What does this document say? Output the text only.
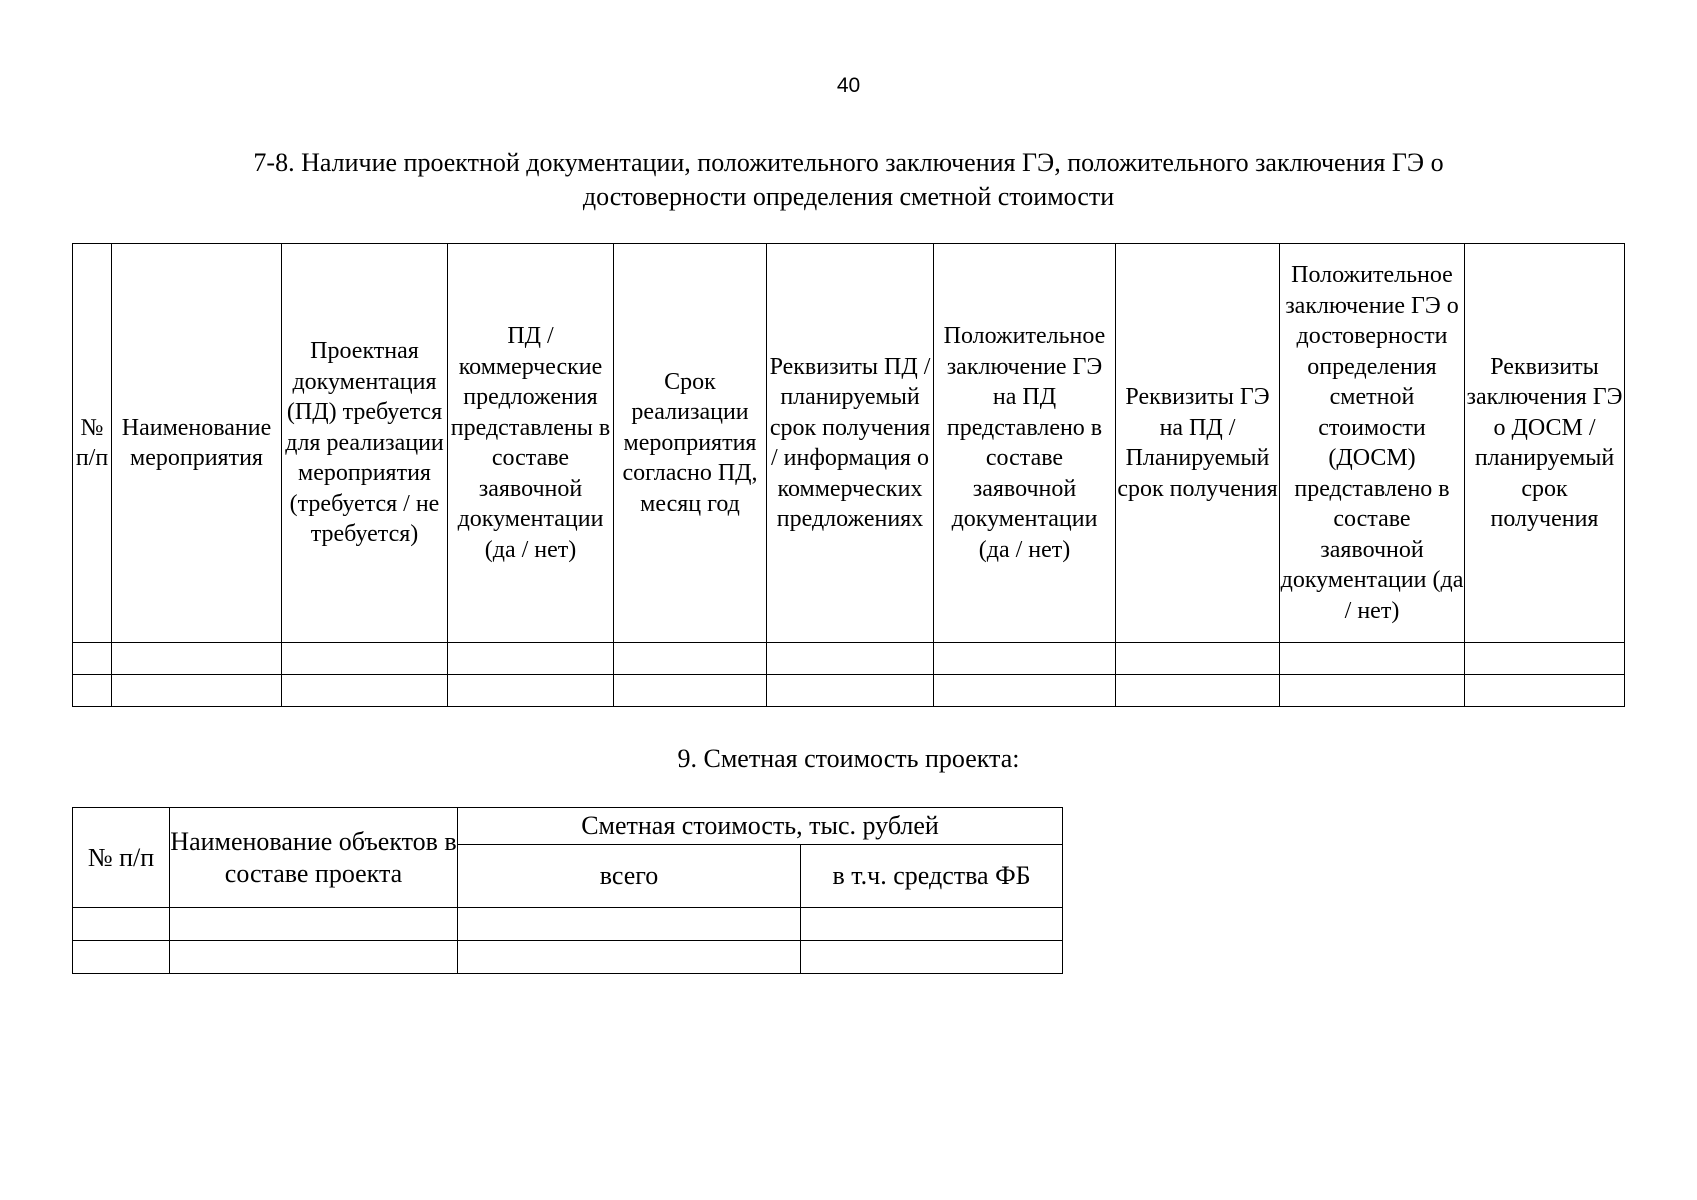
40
7-8. Наличие проектной документации, положительного заключения ГЭ, положительного заключения ГЭ о достоверности определения сметной стоимости
№ п/п	Наименование мероприятия	Проектная документация (ПД) требуется для реализации мероприятия (требуется / не требуется)	ПД / коммерческие предложения представлены в составе заявочной документации (да / нет)	Срок реализации мероприятия согласно ПД, месяц год	Реквизиты ПД / планируемый срок получения / информация о коммерческих предложениях	Положительное заключение ГЭ на ПД представлено в составе заявочной документации (да / нет)	Реквизиты ГЭ на ПД / Планируемый срок получения	Положительное заключение ГЭ о достоверности определения сметной стоимости (ДОСМ) представлено в составе заявочной документации (да / нет)	Реквизиты заключения ГЭ о ДОСМ / планируемый срок получения

9. Сметная стоимость проекта:
№ п/п	Наименование объектов в составе проекта	Сметная стоимость, тыс. рублей	
		всего	в т.ч. средства ФБ
